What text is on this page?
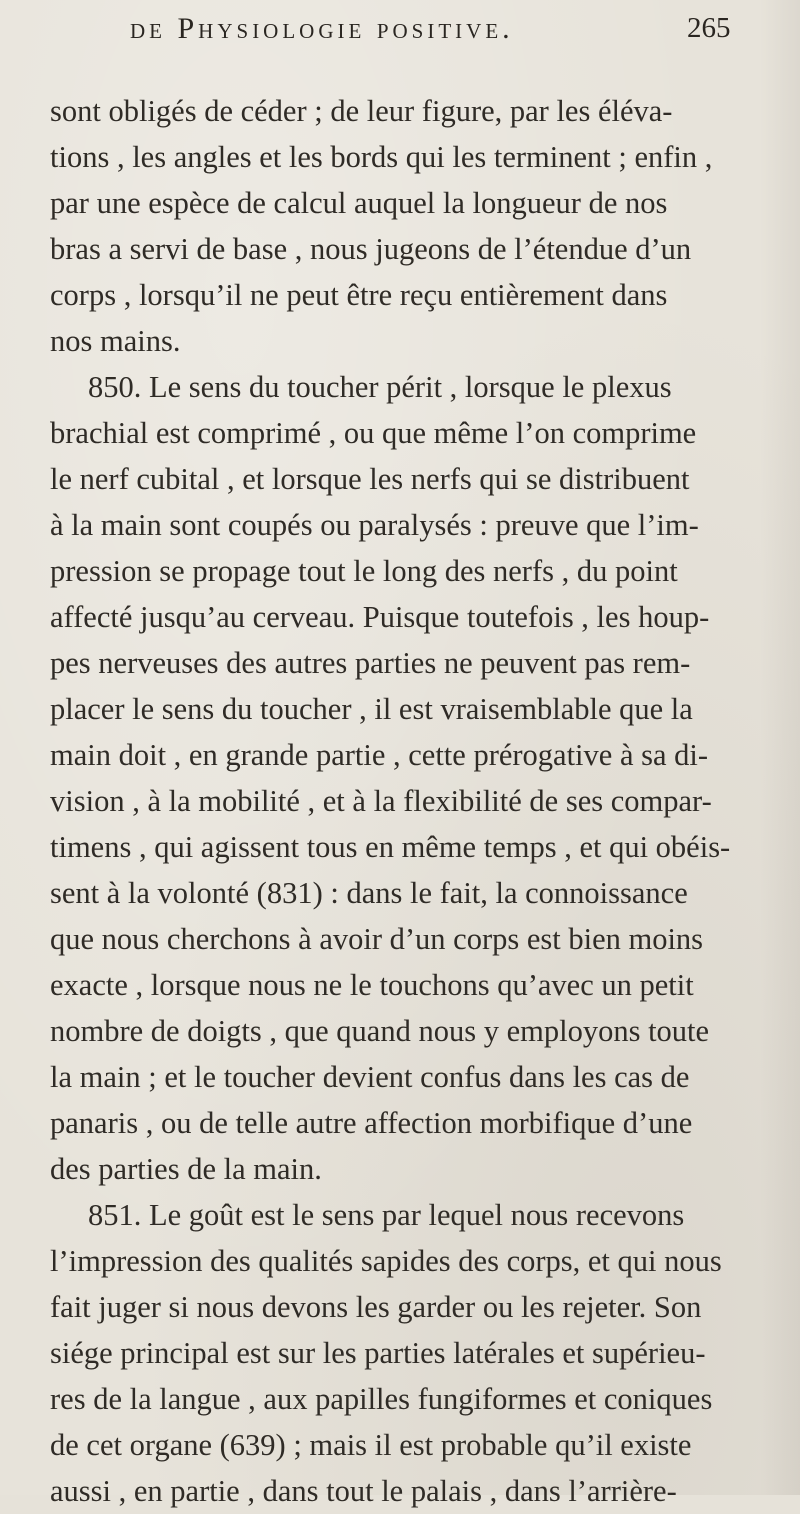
de Physiologie positive.	265
sont obligés de céder ; de leur figure, par les éléva-
tions , les angles et les bords qui les terminent ; enfin ,
par une espèce de calcul auquel la longueur de nos
bras a servi de base , nous jugeons de l’étendue d’un
corps , lorsqu’il ne peut être reçu entièrement dans
nos mains.
850. Le sens du toucher périt , lorsque le plexus
brachial est comprimé , ou que même l’on comprime
le nerf cubital , et lorsque les nerfs qui se distribuent
à la main sont coupés ou paralysés : preuve que l’im-
pression se propage tout le long des nerfs , du point
affecté jusqu’au cerveau. Puisque toutefois , les houp-
pes nerveuses des autres parties ne peuvent pas rem-
placer le sens du toucher , il est vraisemblable que la
main doit , en grande partie , cette prérogative à sa di-
vision , à la mobilité , et à la flexibilité de ses compar-
timens , qui agissent tous en même temps , et qui obéis-
sent à la volonté (831) : dans le fait, la connoissance
que nous cherchons à avoir d’un corps est bien moins
exacte , lorsque nous ne le touchons qu’avec un petit
nombre de doigts , que quand nous y employons toute
la main ; et le toucher devient confus dans les cas de
panaris , ou de telle autre affection morbifique d’une
des parties de la main.
851. Le goût est le sens par lequel nous recevons
l’impression des qualités sapides des corps, et qui nous
fait juger si nous devons les garder ou les rejeter. Son
siége principal est sur les parties latérales et supérieu-
res de la langue , aux papilles fungiformes et coniques
de cet organe (639) ; mais il est probable qu’il existe
aussi , en partie , dans tout le palais , dans l’arrière-
